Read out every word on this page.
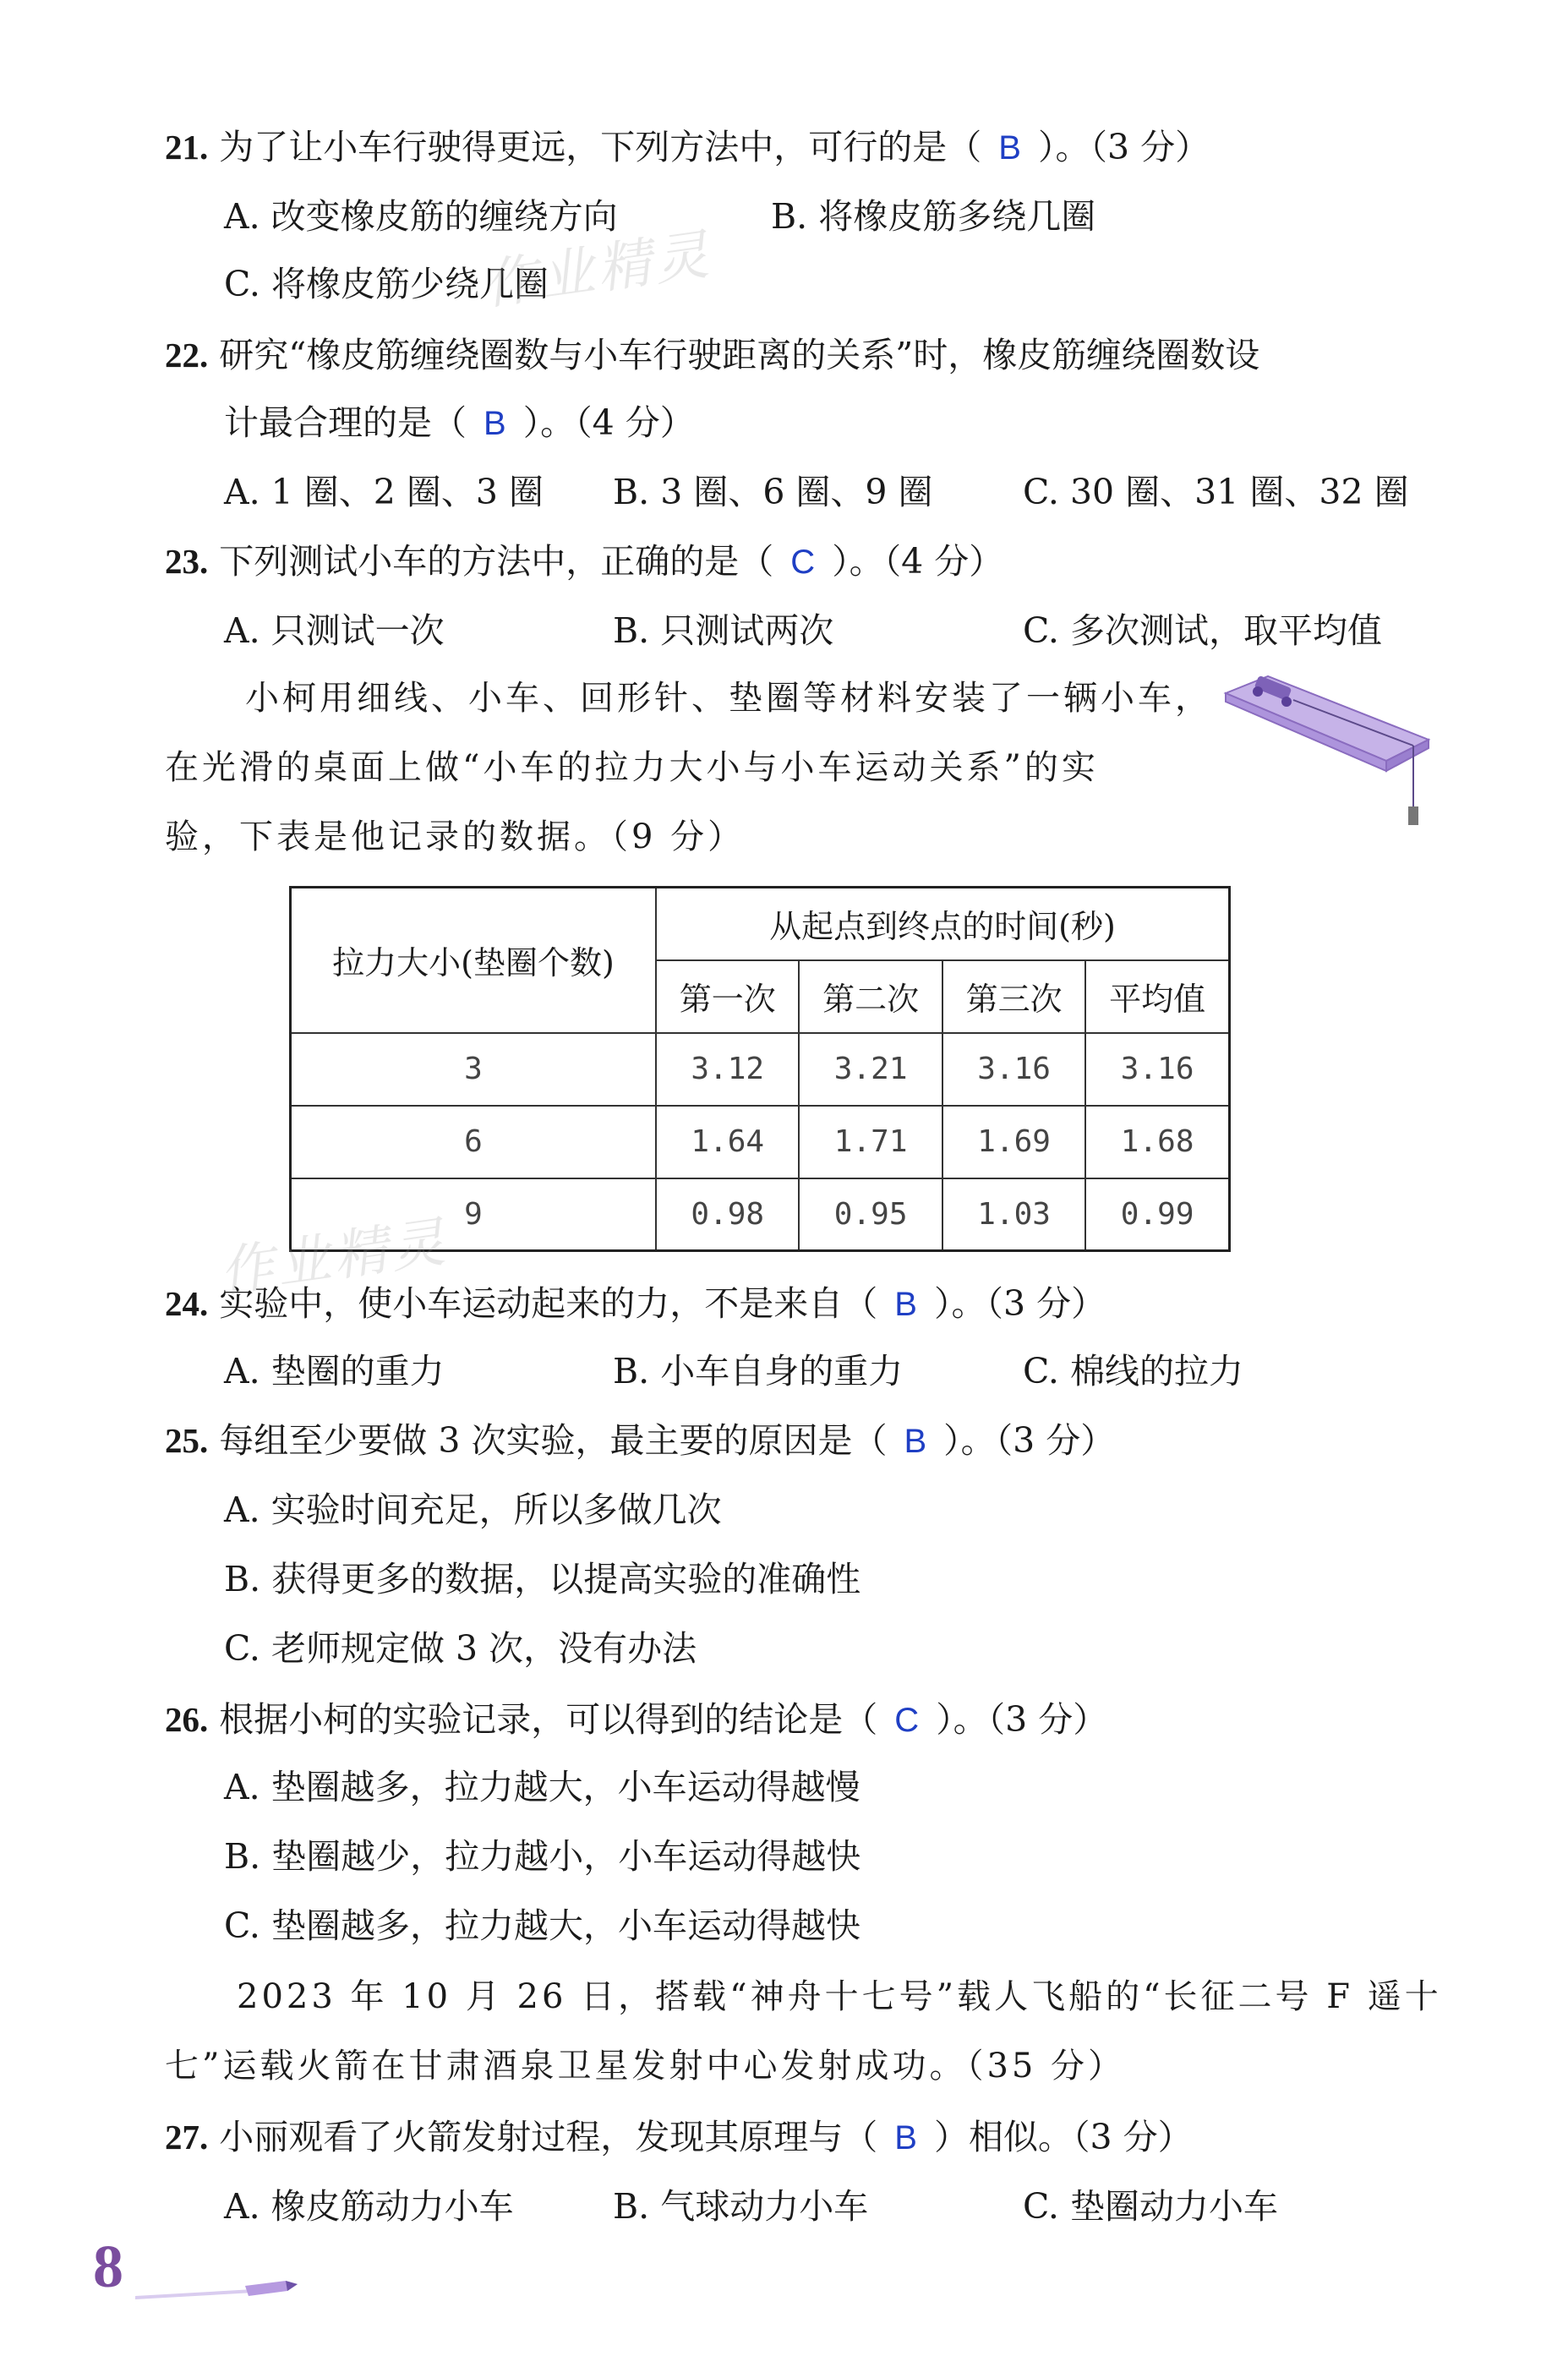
21. 为了让小车行驶得更远，下列方法中，可行的是（ B ）。（3 分）
A. 改变橡皮筋的缠绕方向	B. 将橡皮筋多绕几圈
C. 将橡皮筋少绕几圈
22. 研究“橡皮筋缠绕圈数与小车行驶距离的关系”时，橡皮筋缠绕圈数设
计最合理的是（ B ）。（4 分）
A. 1 圈、2 圈、3 圈 B. 3 圈、6 圈、9 圈	C. 30 圈、31 圈、32 圈
23. 下列测试小车的方法中，正确的是（ C ）。（4 分）
A. 只测试一次	B. 只测试两次	C. 多次测试，取平均值
小柯用细线、小车、回形针、垫圈等材料安装了一辆小车，
在光滑的桌面上做“小车的拉力大小与小车运动关系”的实
验，下表是他记录的数据。（9 分）
拉力大小(垫圈个数)	从起点到终点的时间(秒)			
	第一次	第二次	第三次	平均值
3	3.12	3.21	3.16	3.16
6	1.64	1.71	1.69	1.68
9	0.98	0.95	1.03	0.99
24. 实验中，使小车运动起来的力，不是来自（ B ）。（3 分）
A. 垫圈的重力	B. 小车自身的重力	C. 棉线的拉力
25. 每组至少要做 3 次实验，最主要的原因是（ B ）。（3 分）
A. 实验时间充足，所以多做几次
B. 获得更多的数据，以提高实验的准确性
C. 老师规定做 3 次，没有办法
26. 根据小柯的实验记录，可以得到的结论是（ C ）。（3 分）
A. 垫圈越多，拉力越大，小车运动得越慢
B. 垫圈越少，拉力越小，小车运动得越快
C. 垫圈越多，拉力越大，小车运动得越快
2023 年 10 月 26 日，搭载“神舟十七号”载人飞船的“长征二号 F 遥十
七”运载火箭在甘肃酒泉卫星发射中心发射成功。（35 分）
27. 小丽观看了火箭发射过程，发现其原理与（ B ）相似。（3 分）
A. 橡皮筋动力小车	B. 气球动力小车	C. 垫圈动力小车
作业精灵
作业精灵
8
